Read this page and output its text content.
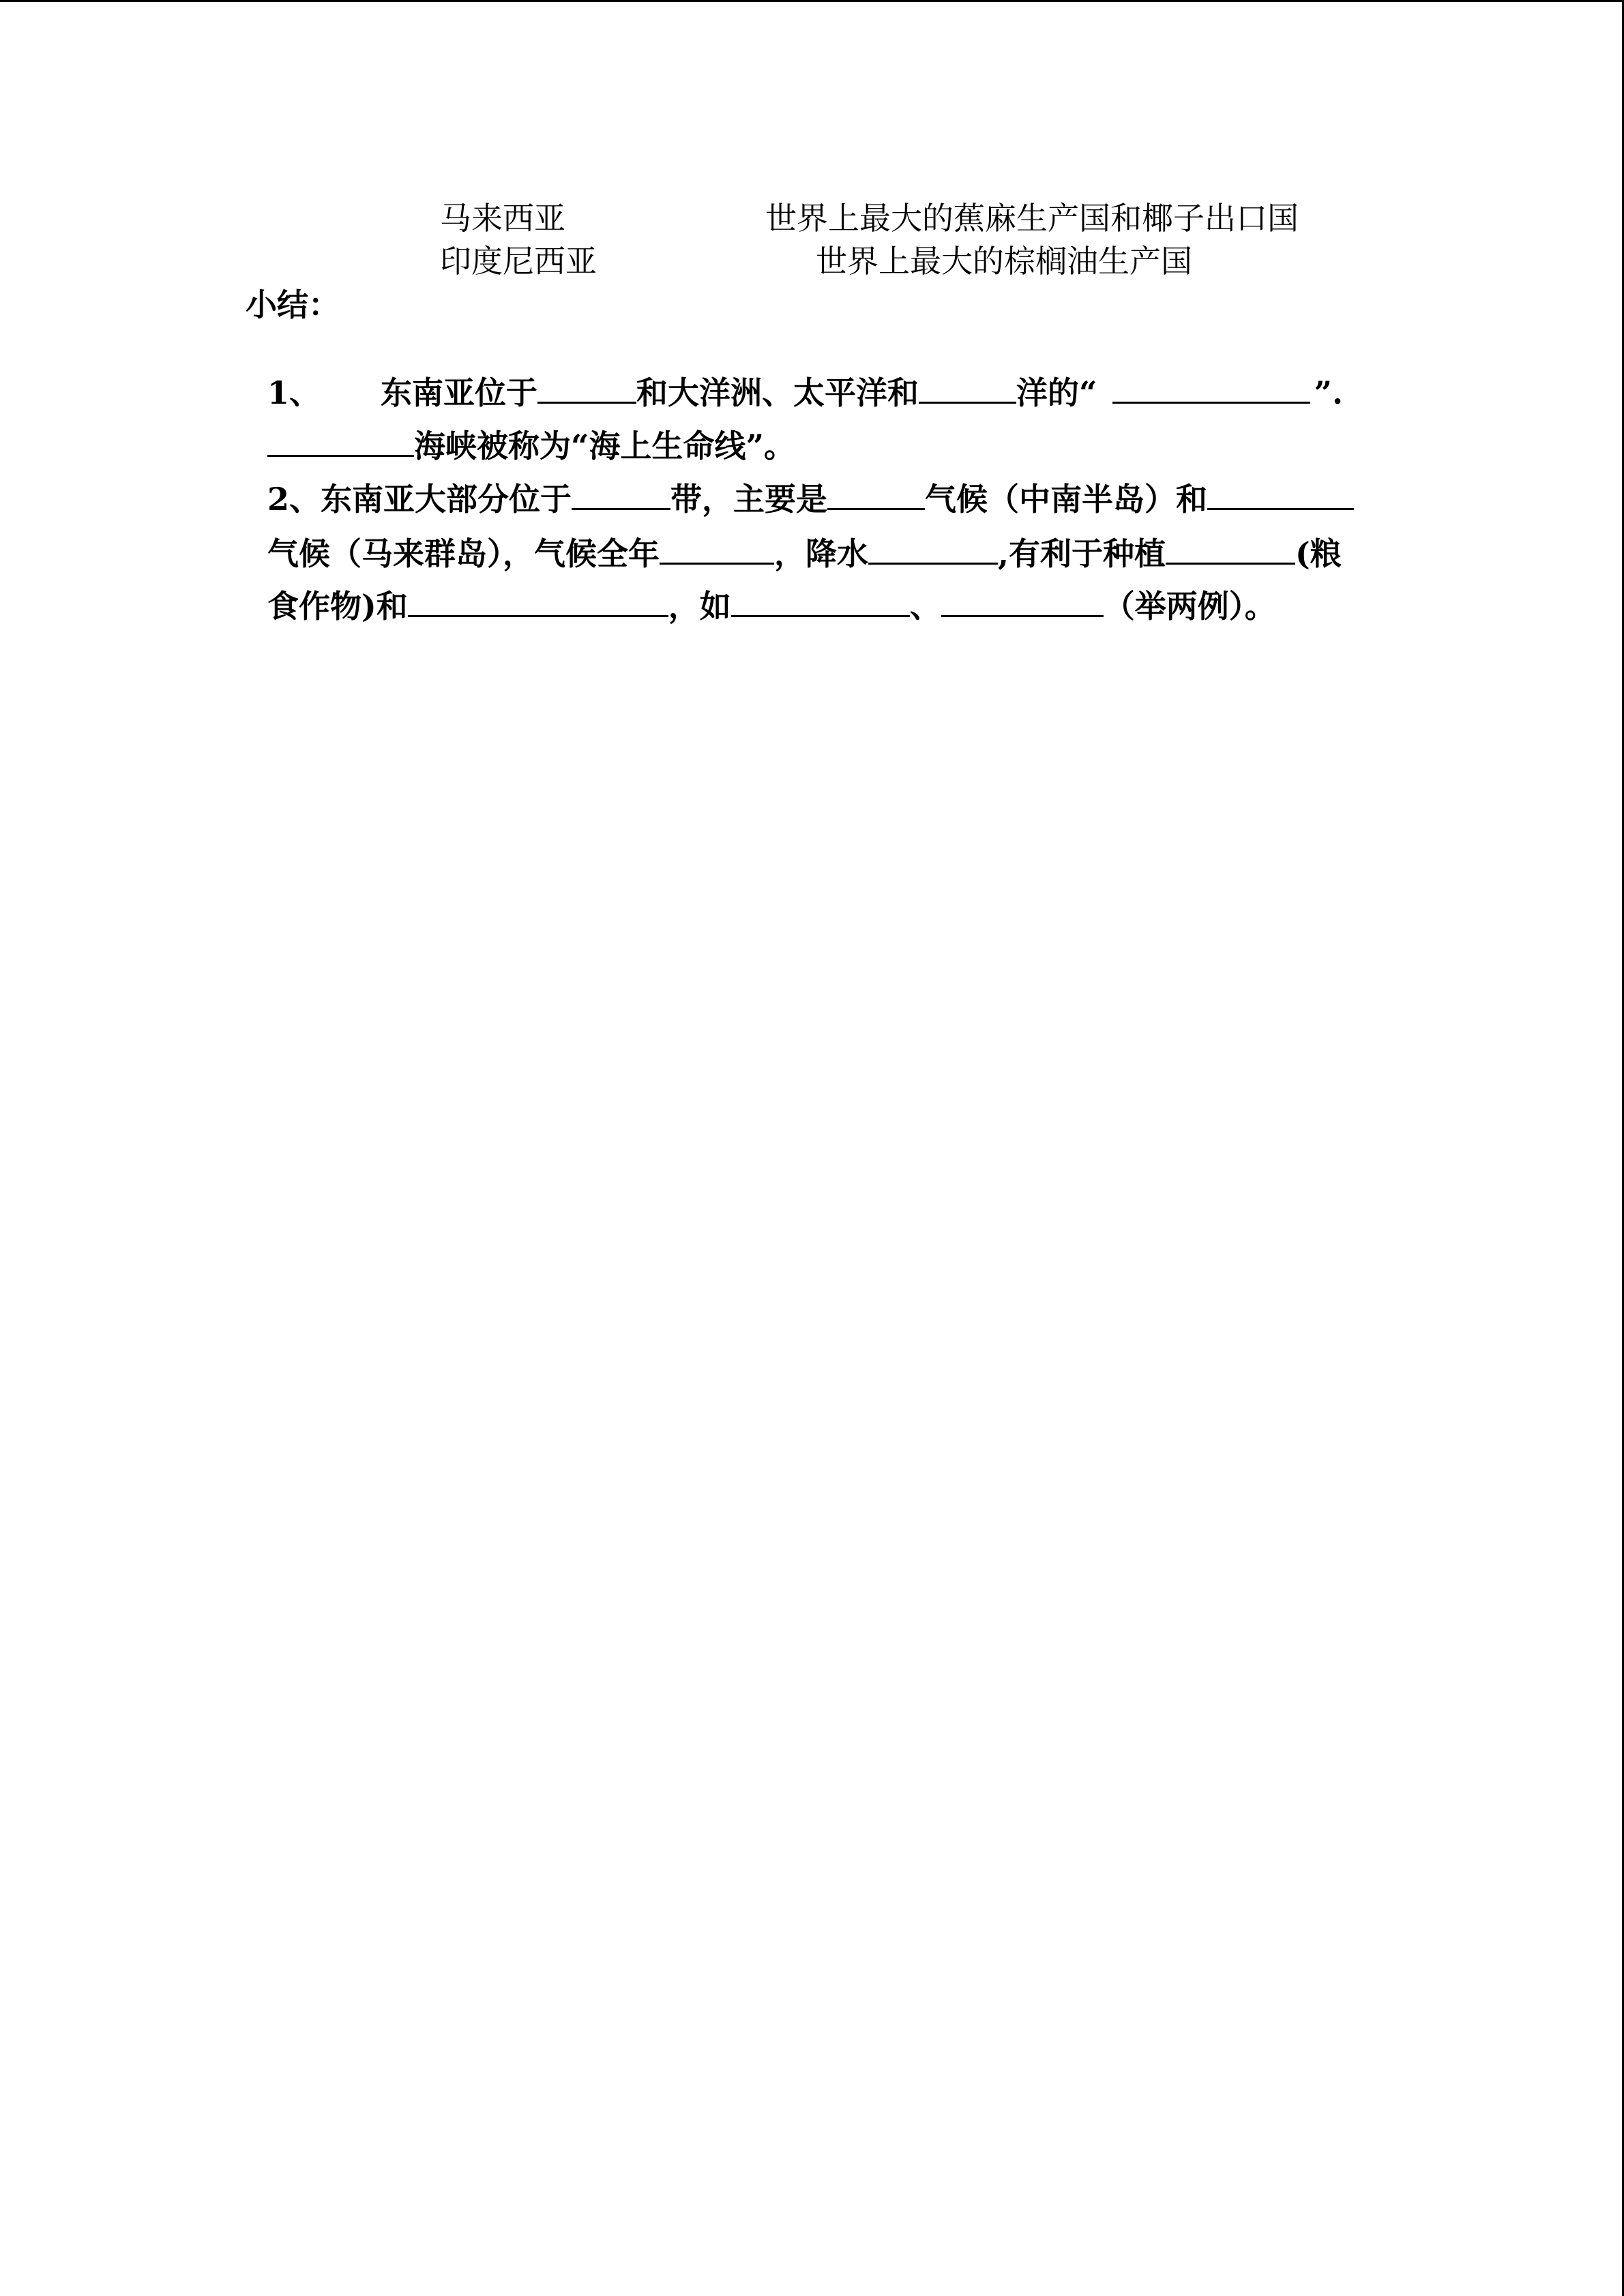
马来西亚	世界上最大的蕉麻生产国和椰子出口国
印度尼西亚	世界上最大的棕榈油生产国
小结：

1、 东南亚位于	和大洋洲、太平洋和	洋的“	”.

海峡被称为“海上生命线”。

2、东南亚大部分位于	带，主要是	气候（中南半岛）和

气候（马来群岛），气候全年	，降水	,有利于种植	(粮

食作物)和	，如	、	（举两例）。
